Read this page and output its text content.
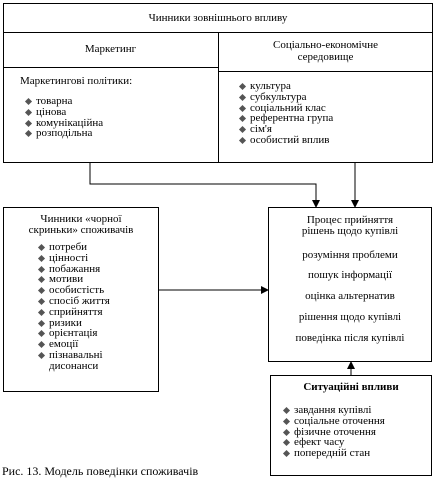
Чинники зовнішнього впливу
Маркетинг	Соціально-економічне
середовище
Маркетингові політики:
товарна
цінова
комунікаційна
розподільна
культура
субкультура
соціальний клас
референтна група
сім'я
особистий вплив
Чинники «чорної
скриньки» споживачів
потреби
цінності
побажання
мотиви
особистість
спосіб життя
сприйняття
ризики
орієнтація
емоції
пізнавальні дисонанси
Процес прийняття
рішень щодо купівлі
розуміння проблеми
пошук інформації
оцінка альтернатив
рішення щодо купівлі
поведінка після купівлі
Ситуаційні впливи
завдання купівлі
соціальне оточення
фізичне оточення
ефект часу
попередній стан
Рис. 13. Модель поведінки споживачів
